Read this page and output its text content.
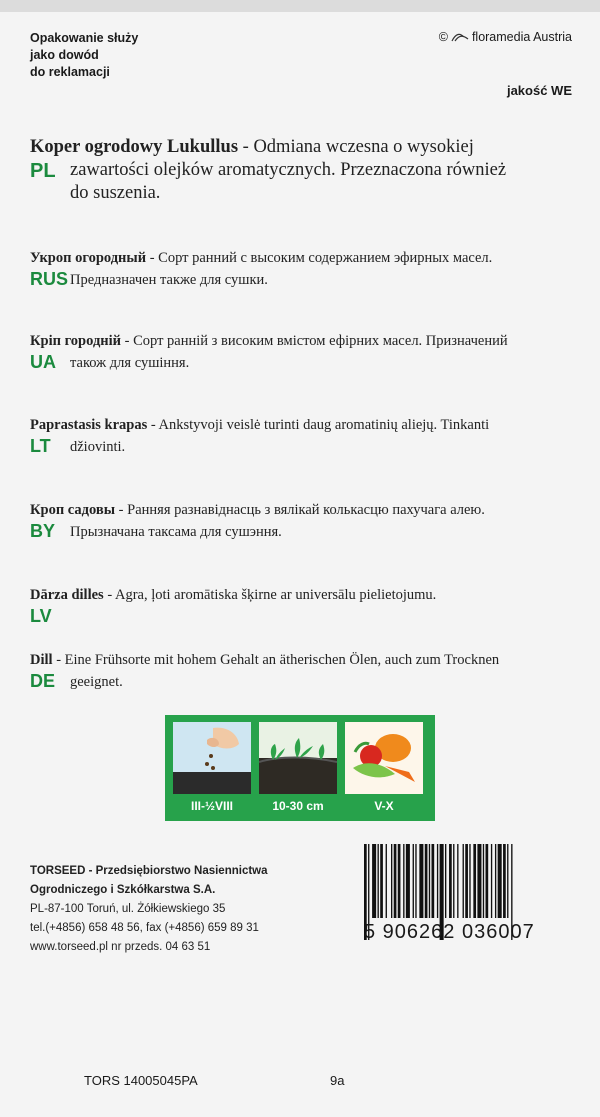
Opakowanie służy
jako dowód
do reklamacji
© floramedia Austria
jakość WE
PL
Koper ogrodowy Lukullus - Odmiana wczesna o wysokiej
zawartości olejków aromatycznych. Przeznaczona również
do suszenia.
RUS
Укроп огородный - Сорт ранний с высоким содержанием эфирных масел.
Предназначен также для сушки.
UA
Кріп городній - Сорт ранній з високим вмістом ефірних масел. Призначений
також для сушіння.
LT
Paprastasis krapas - Ankstyvoji veislė turinti daug aromatinių aliejų. Tinkanti
džiovinti.
BY
Кроп садовы - Ранняя разнавіднасць з вялікай колькасцю пахучага алею.
Прызначана таксама для сушэння.
LV
Dārza dilles - Agra, ļoti aromātiska šķirne ar universālu pielietojumu.
DE
Dill - Eine Frühsorte mit hohem Gehalt an ätherischen Ölen, auch zum Trocknen
geeignet.
III-½VIII	10-30 cm	V-X
TORSEED - Przedsiębiorstwo Nasiennictwa
Ogrodniczego i Szkółkarstwa S.A.
PL-87-100 Toruń, ul. Żółkiewskiego 35
tel.(+4856) 658 48 56, fax (+4856) 659 89 31
www.torseed.pl nr przeds. 04 63 51
5 906262 036007
TORS 14005045PA	9a
